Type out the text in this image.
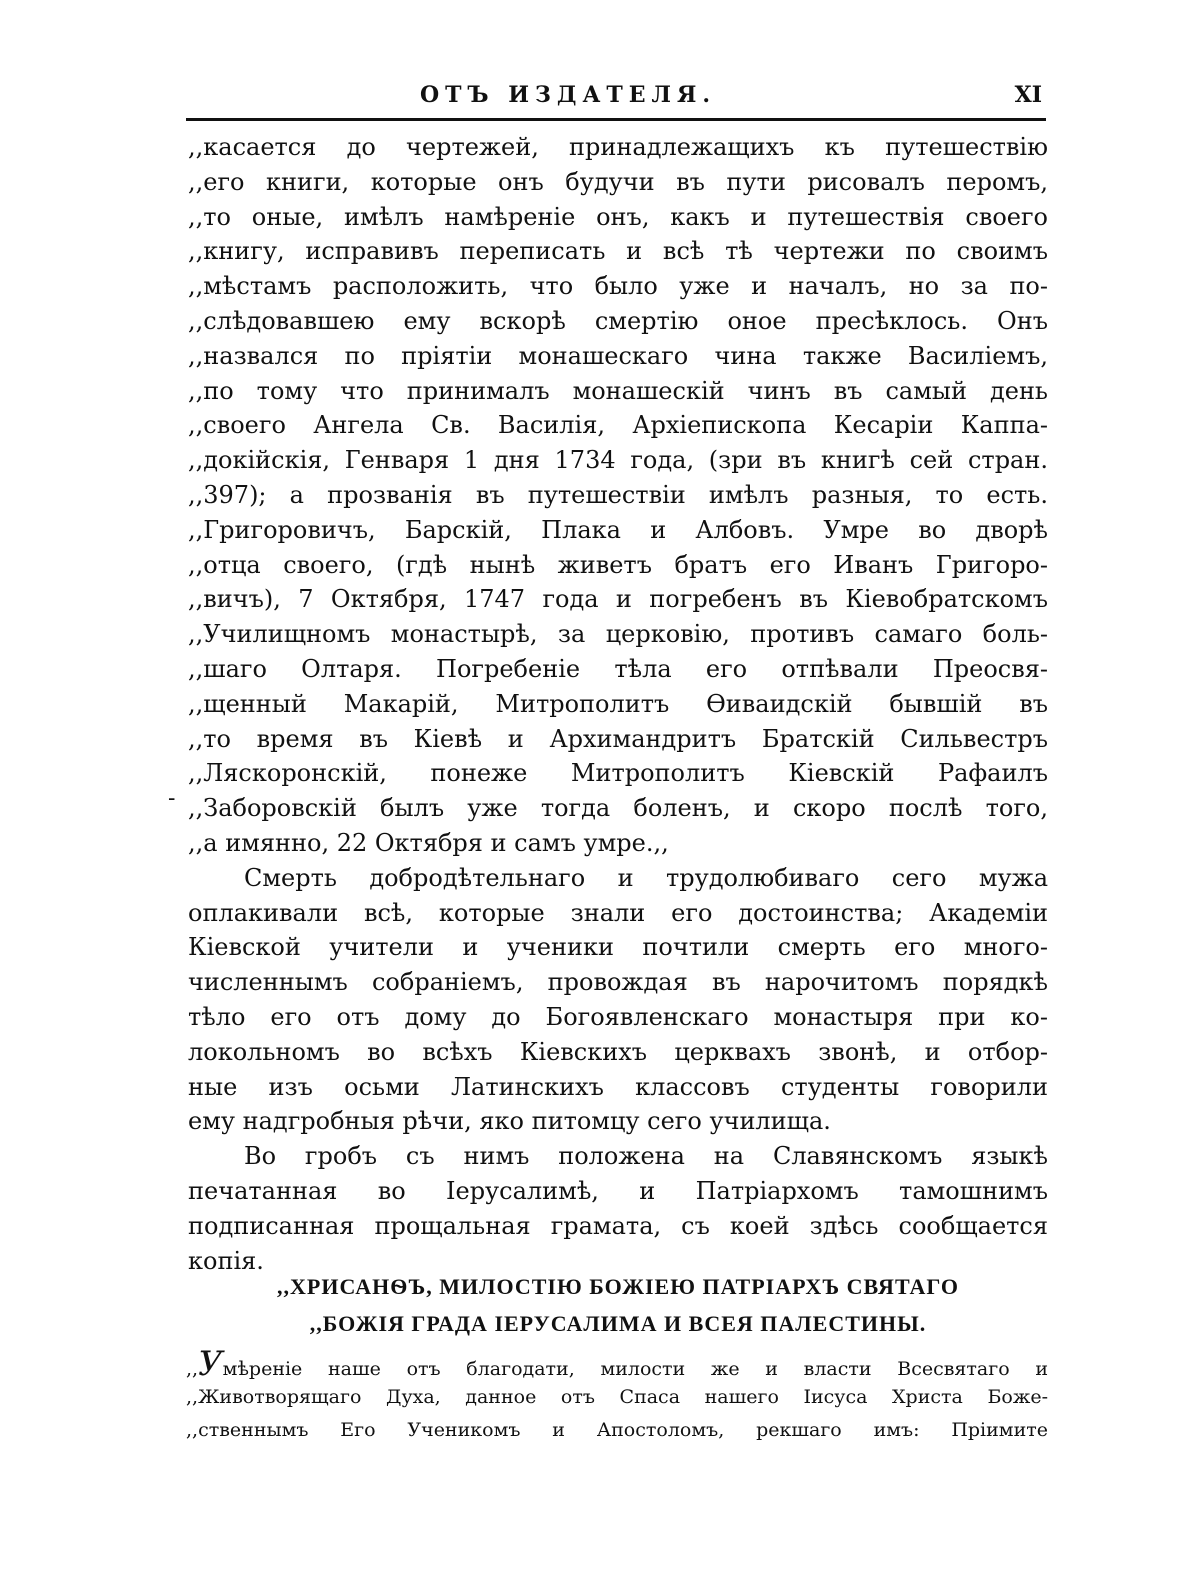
ОТЪ ИЗДАТЕЛЯ.	XI
-
,,касается до чертежей, принадлежащихъ къ путешествію
,,его книги, которые онъ будучи въ пути рисовалъ перомъ,
,,то оные, имѣлъ намѣреніе онъ, какъ и путешествія своего
,,книгу, исправивъ переписать и всѣ тѣ чертежи по своимъ
,,мѣстамъ расположить, что было уже и началъ, но за по-
,,слѣдовавшею ему вскорѣ смертію оное пресѣклось. Онъ
,,назвался по пріятіи монашескаго чина также Василіемъ,
,,по тому что принималъ монашескій чинъ въ самый день
,,своего Ангела Св. Василія, Архіепископа Кесаріи Каппа-
,,докійскія, Генваря 1 дня 1734 года, (зри въ книгѣ сей стран.
,,397); а прозванія въ путешествіи имѣлъ разныя, то есть.
,,Григоровичъ, Барскій, Плака и Албовъ. Умре во дворѣ
,,отца своего, (гдѣ нынѣ живетъ братъ его Иванъ Григоро-
,,вичъ), 7 Октября, 1747 года и погребенъ въ Кіевобратскомъ
,,Училищномъ монастырѣ, за церковію, противъ самаго боль-
,,шаго Олтаря. Погребеніе тѣла его отпѣвали Преосвя-
,,щенный Макарій, Митрополитъ Ѳиваидскій бывшій въ
,,то время въ Кіевѣ и Архимандритъ Братскій Сильвестръ
,,Ляскоронскій, понеже Митрополитъ Кіевскій Рафаилъ
,,Заборовскій былъ уже тогда боленъ, и скоро послѣ того,
,,а имянно, 22 Октября и самъ умре.,,
Смерть добродѣтельнаго и трудолюбиваго сего мужа
оплакивали всѣ, которые знали его достоинства; Академіи
Кіевской учители и ученики почтили смерть его много-
численнымъ собраніемъ, провождая въ нарочитомъ порядкѣ
тѣло его отъ дому до Богоявленскаго монастыря при ко-
локольномъ во всѣхъ Кіевскихъ церквахъ звонѣ, и отбор-
ные изъ осьми Латинскихъ классовъ студенты говорили
ему надгробныя рѣчи, яко питомцу сего училища.
Во гробъ съ нимъ положена на Славянскомъ языкѣ
печатанная во Іерусалимѣ, и Патріархомъ тамошнимъ
подписанная прощальная грамата, съ коей здѣсь сообщается
копія.
,,ХРИСАНѲЪ, МИЛОСТІЮ БОЖІЕЮ ПАТРІАРХЪ СВЯТАГО
,,БОЖІЯ ГРАДА ІЕРУСАЛИМА И ВСЕЯ ПАЛЕСТИНЫ.
,,Умѣреніе наше отъ благодати, милости же и власти Всесвятаго и
,,Животворящаго Духа, данное отъ Спаса нашего Іисуса Христа Боже-
,,ственнымъ Его Ученикомъ и Апостоломъ, рекшаго имъ: Пріимите
